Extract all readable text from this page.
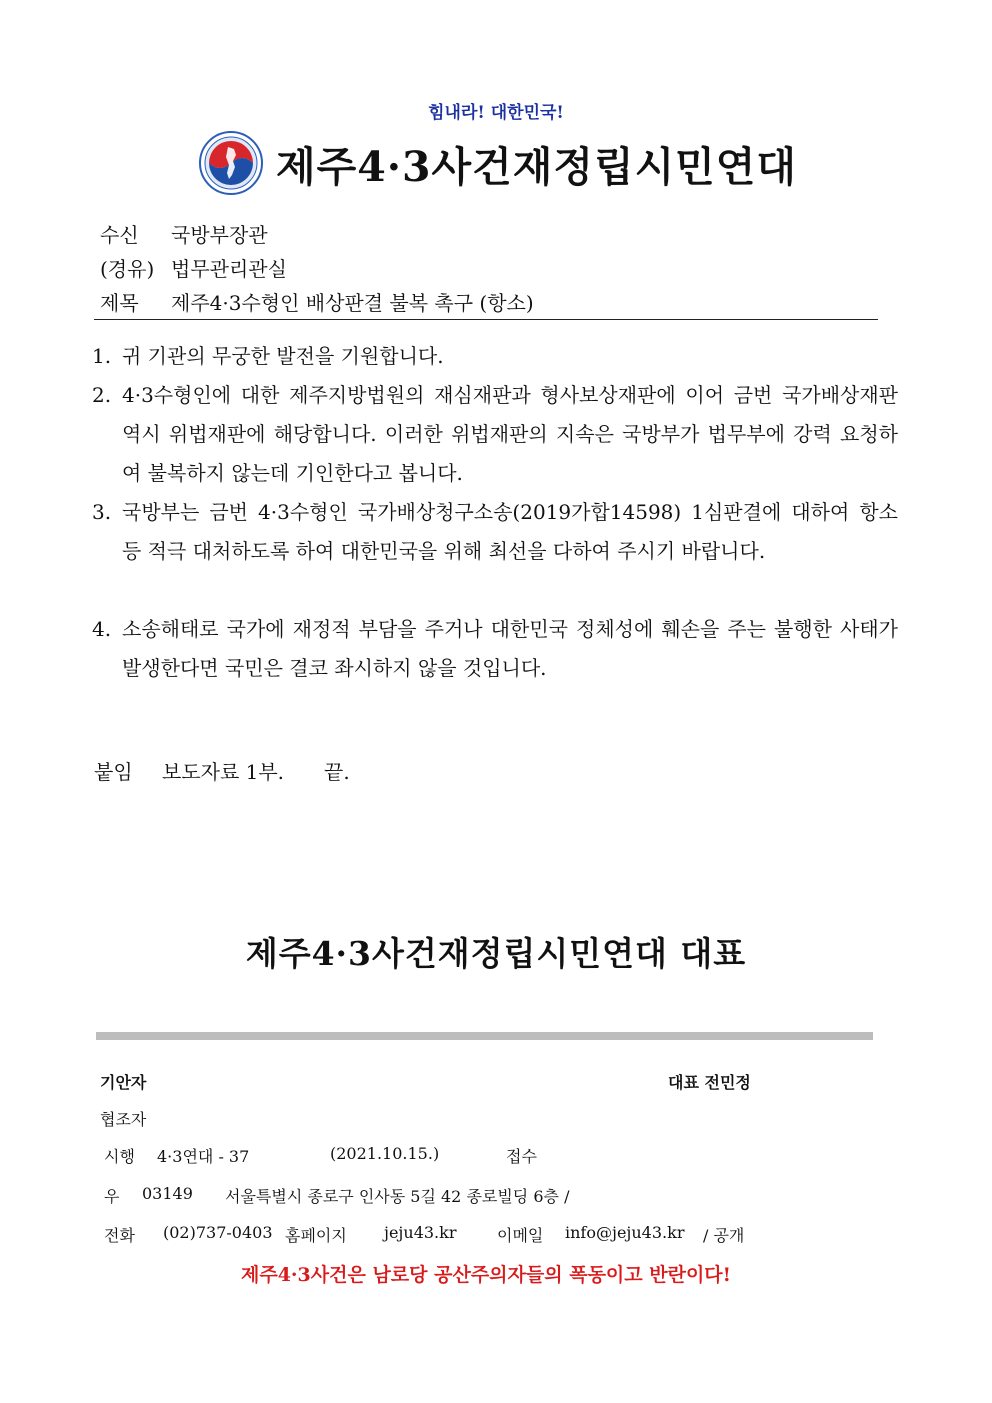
힘내라! 대한민국!
제주4·3사건재정립시민연대
수신 국방부장관
(경유) 법무관리관실
제목 제주4·3수형인 배상판결 불복 촉구 (항소)
1. 귀 기관의 무궁한 발전을 기원합니다.
2. 4·3수형인에 대한 제주지방법원의 재심재판과 형사보상재판에 이어 금번 국가배상재판 역시 위법재판에 해당합니다. 이러한 위법재판의 지속은 국방부가 법무부에 강력 요청하여 불복하지 않는데 기인한다고 봅니다.
3. 국방부는 금번 4·3수형인 국가배상청구소송(2019가합14598) 1심판결에 대하여 항소 등 적극 대처하도록 하여 대한민국을 위해 최선을 다하여 주시기 바랍니다.
4. 소송해태로 국가에 재정적 부담을 주거나 대한민국 정체성에 훼손을 주는 불행한 사태가 발생한다면 국민은 결코 좌시하지 않을 것입니다.
붙임 보도자료 1부. 끝.
제주4·3사건재정립시민연대 대표
기안자	대표 전민정
협조자
시행 4·3연대 - 37	(2021.10.15.)	접수
우 03149 서울특별시 종로구 인사동 5길 42 종로빌딩 6층 /
전화 (02)737-0403 홈페이지 jeju43.kr	이메일 info@jeju43.kr / 공개
제주4·3사건은 남로당 공산주의자들의 폭동이고 반란이다!
